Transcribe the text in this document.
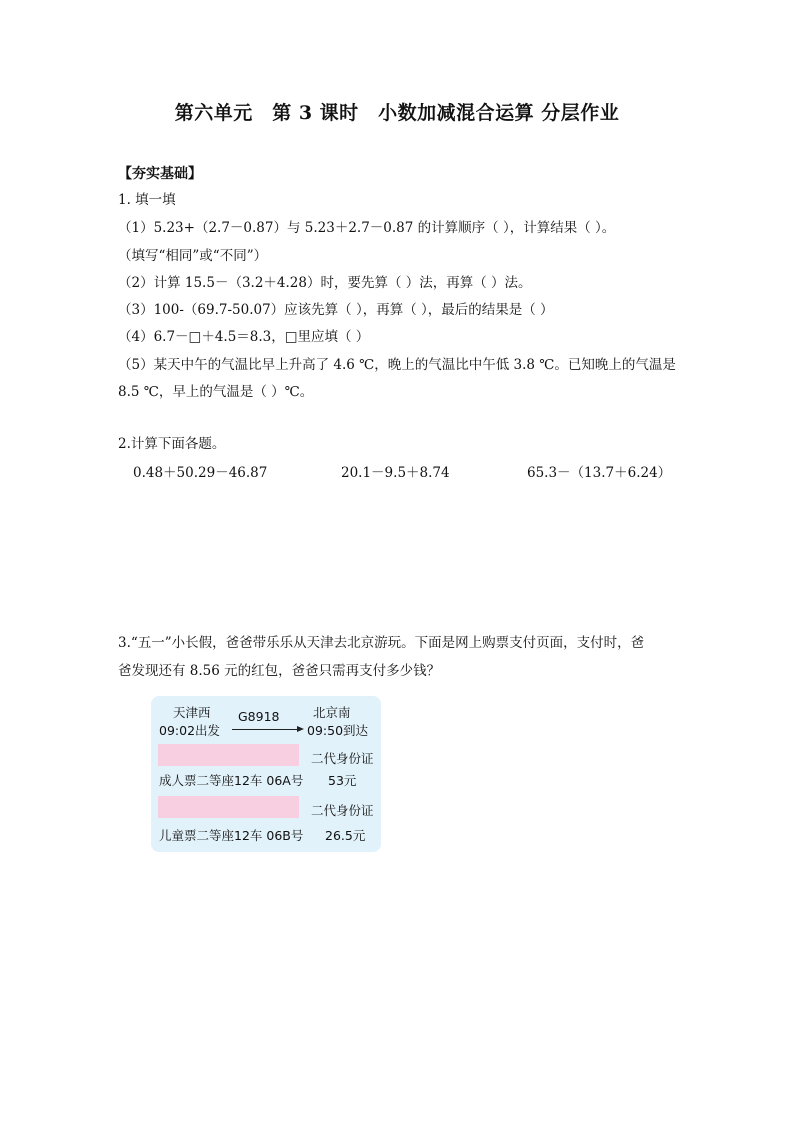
第六单元　第 3 课时　小数加减混合运算 分层作业
【夯实基础】
1. 填一填
（1）5.23+（2.7－0.87）与 5.23＋2.7－0.87 的计算顺序（ ），计算结果（ ）。
（填写“相同”或“不同”）
（2）计算 15.5－（3.2＋4.28）时，要先算（ ）法，再算（ ）法。
（3）100-（69.7-50.07）应该先算（ ），再算（ ），最后的结果是（ ）
（4）6.7－□＋4.5＝8.3，□里应填（ ）
（5）某天中午的气温比早上升高了 4.6 ℃，晚上的气温比中午低 3.8 ℃。已知晚上的气温是
8.5 ℃，早上的气温是（ ）℃。
2.计算下面各题。
0.48＋50.29－46.87	20.1－9.5＋8.74	65.3－（13.7＋6.24）
3.“五一”小长假，爸爸带乐乐从天津去北京游玩。下面是网上购票支付页面，支付时，爸
爸发现还有 8.56 元的红包，爸爸只需再支付多少钱？
天津西
09:02出发
G8918	北京南
09:50到达
二代身份证
成人票二等座12车 06A号 53元
二代身份证
儿童票二等座12车 06B号 26.5元
